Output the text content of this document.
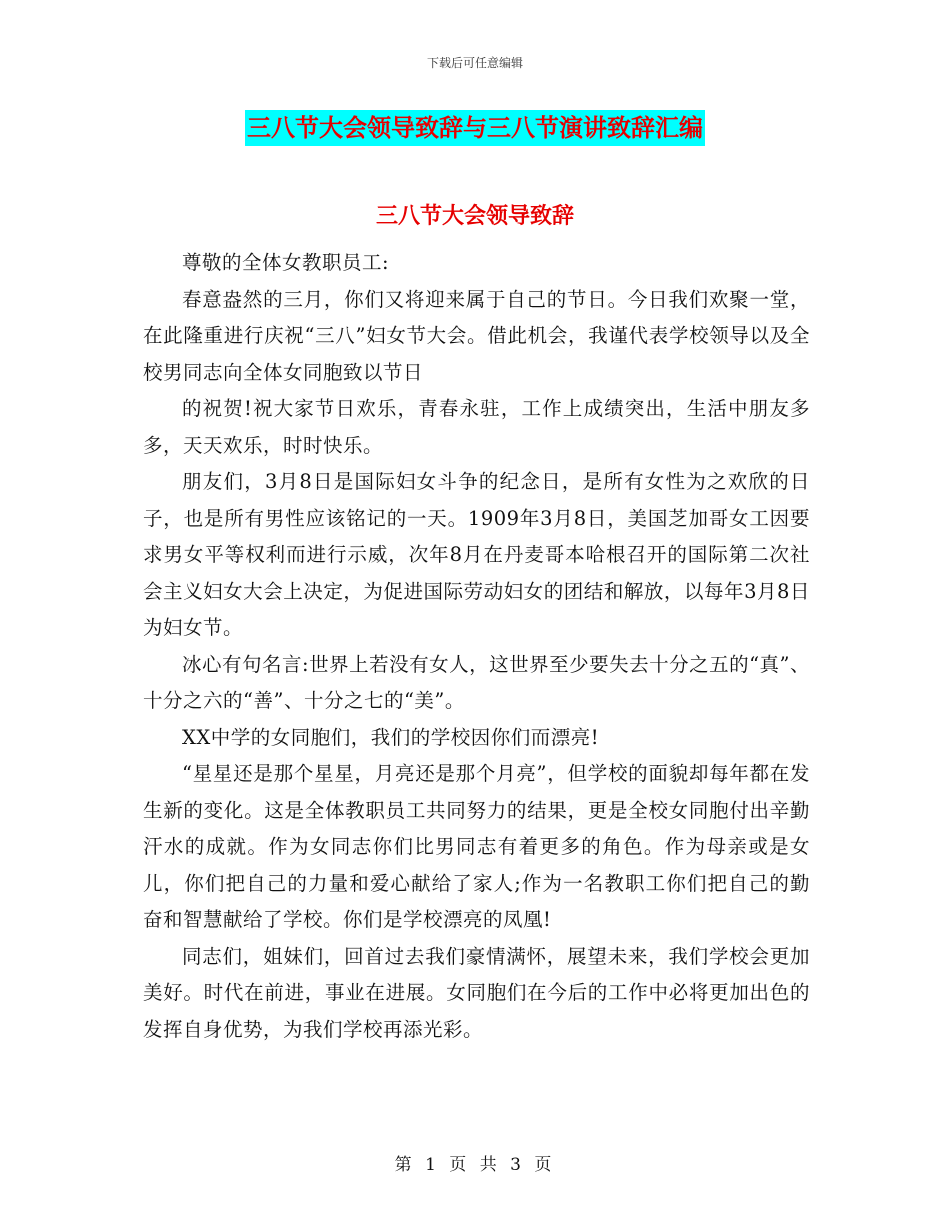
下载后可任意编辑
三八节大会领导致辞与三八节演讲致辞汇编
三八节大会领导致辞

尊敬的全体女教职员工:

春意盎然的三月，你们又将迎来属于自己的节日。今日我们欢聚一堂，在此隆重进行庆祝“三八”妇女节大会。借此机会，我谨代表学校领导以及全校男同志向全体女同胞致以节日

的祝贺!祝大家节日欢乐，青春永驻，工作上成绩突出，生活中朋友多多，天天欢乐，时时快乐。

朋友们，3月8日是国际妇女斗争的纪念日，是所有女性为之欢欣的日子，也是所有男性应该铭记的一天。1909年3月8日，美国芝加哥女工因要求男女平等权利而进行示威，次年8月在丹麦哥本哈根召开的国际第二次社会主义妇女大会上决定，为促进国际劳动妇女的团结和解放，以每年3月8日为妇女节。

冰心有句名言:世界上若没有女人，这世界至少要失去十分之五的“真”、十分之六的“善”、十分之七的“美”。

XX中学的女同胞们，我们的学校因你们而漂亮!

“星星还是那个星星，月亮还是那个月亮”，但学校的面貌却每年都在发生新的变化。这是全体教职员工共同努力的结果，更是全校女同胞付出辛勤汗水的成就。作为女同志你们比男同志有着更多的角色。作为母亲或是女儿，你们把自己的力量和爱心献给了家人;作为一名教职工你们把自己的勤奋和智慧献给了学校。你们是学校漂亮的凤凰!

同志们，姐妹们，回首过去我们豪情满怀，展望未来，我们学校会更加美好。时代在前进，事业在进展。女同胞们在今后的工作中必将更加出色的发挥自身优势，为我们学校再添光彩。

第 1 页 共 3 页
